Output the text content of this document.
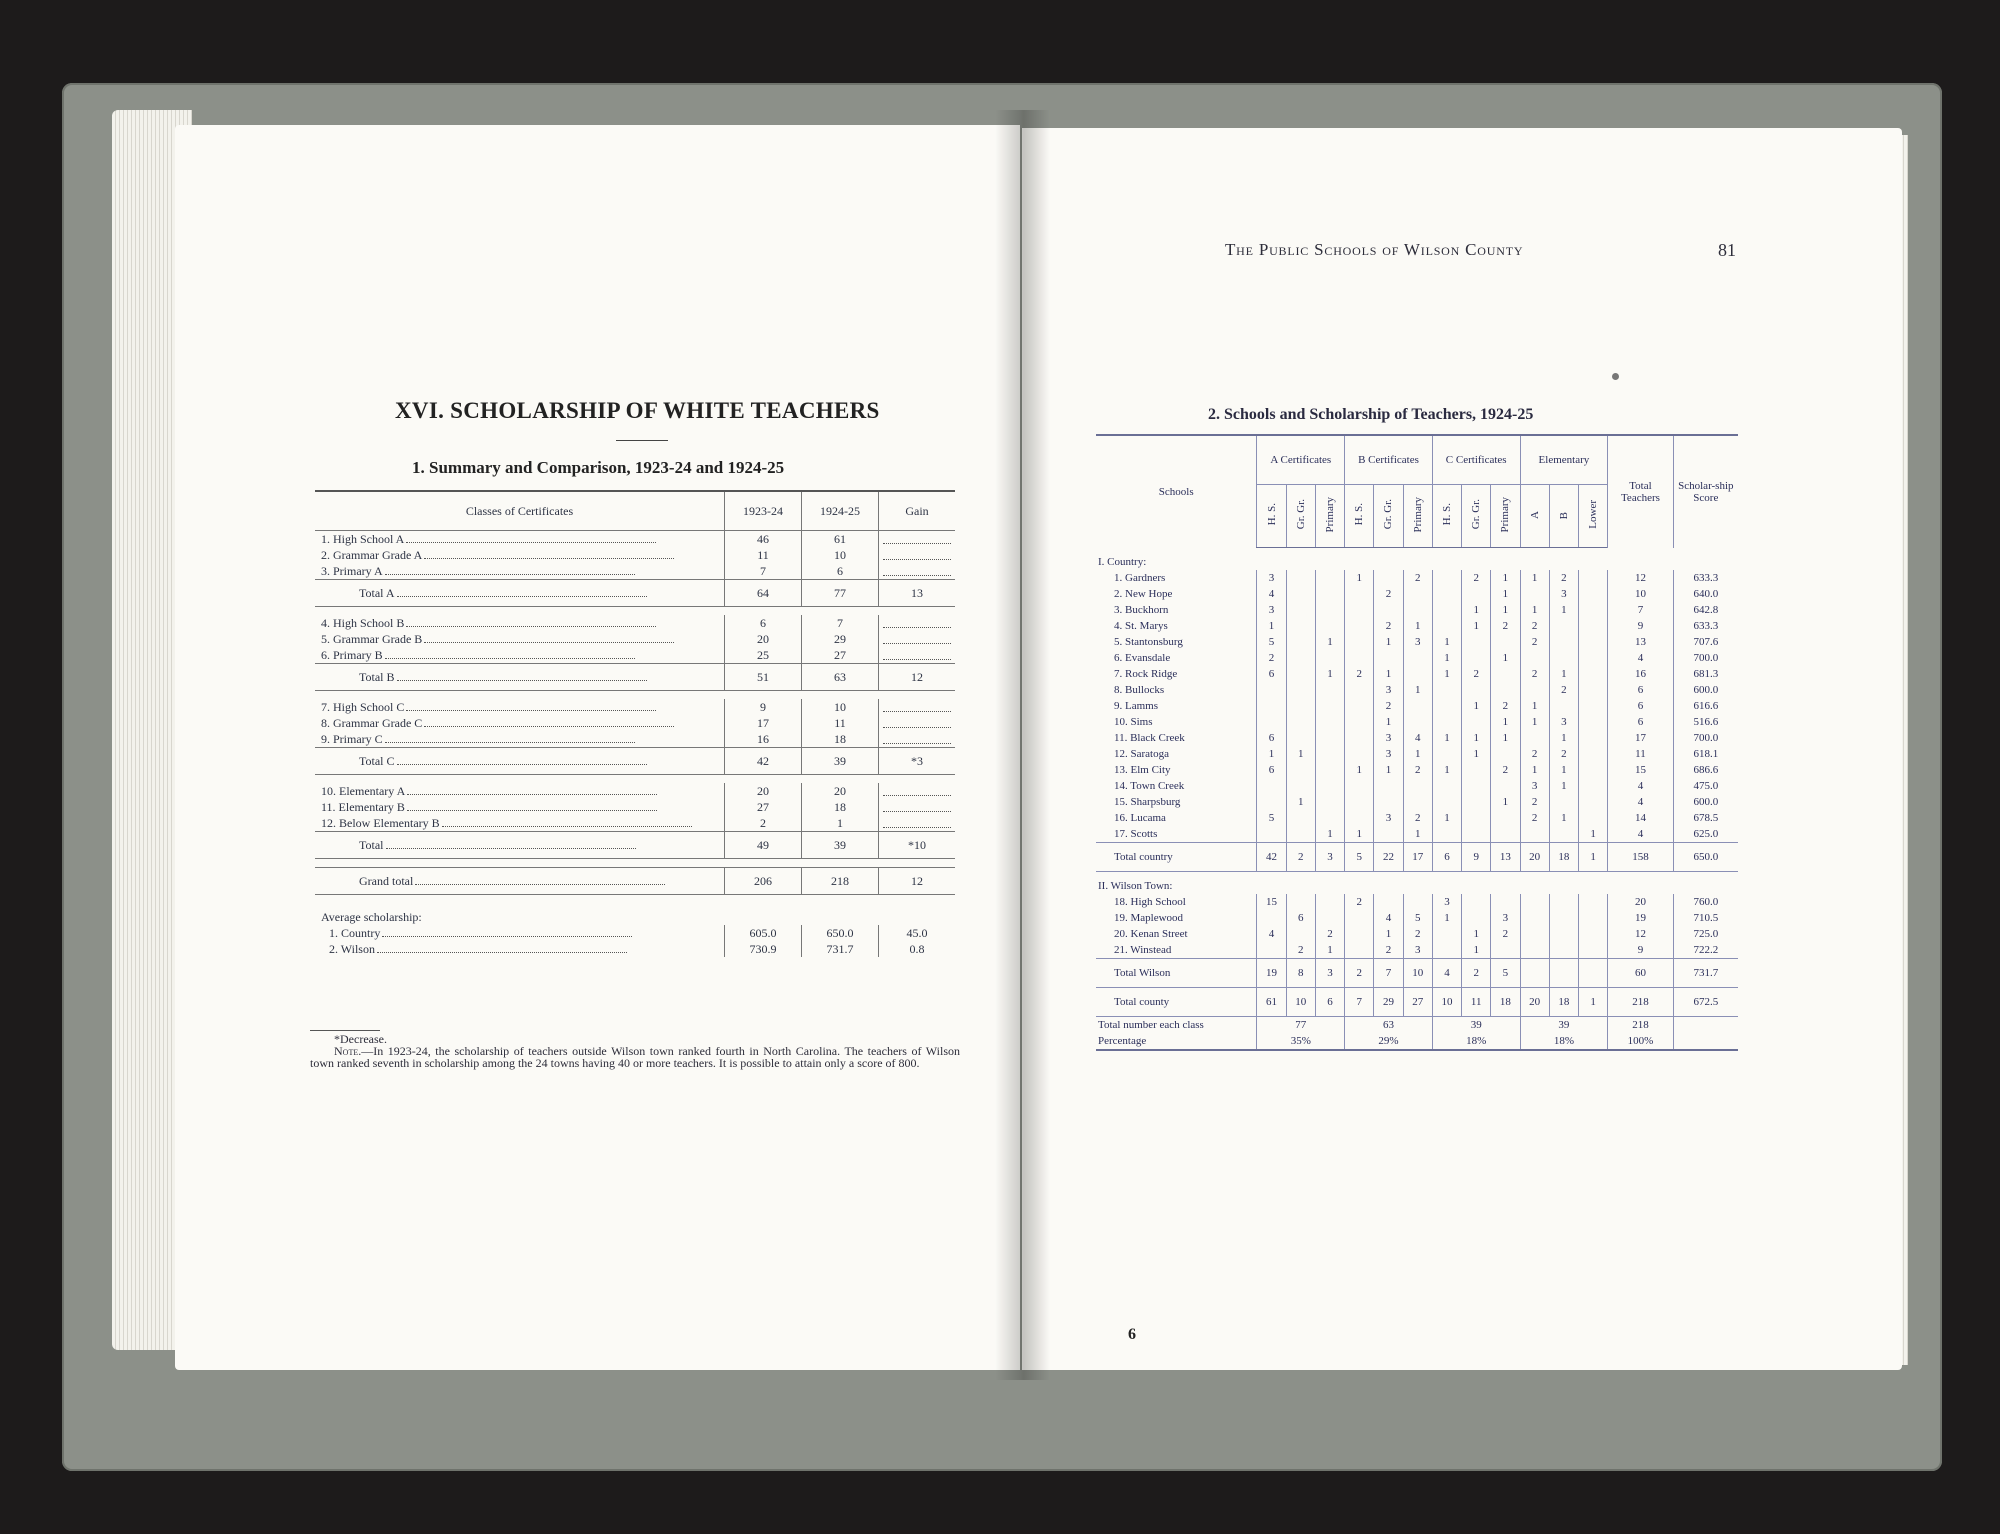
XVI. SCHOLARSHIP OF WHITE TEACHERS
1. Summary and Comparison, 1923-24 and 1924-25
Classes of Certificates	1923-24	1924-25	Gain
1. High School A	46	61	

2. Grammar Grade A	11	10	

3. Primary A	7	6	

Total A	64	77	13

4. High School B	6	7	

5. Grammar Grade B	20	29	

6. Primary B	25	27	

Total B	51	63	12

7. High School C	9	10	

8. Grammar Grade C	17	11	

9. Primary C	16	18	

Total C	42	39	*3

10. Elementary A	20	20	

11. Elementary B	27	18	

12. Below Elementary B	2	1	

Total	49	39	*10

Grand total	206	218	12
Average scholarship:			
1. Country	605.0	650.0	45.0
2. Wilson	730.9	731.7	0.8
*Decrease.
Note.—In 1923-24, the scholarship of teachers outside Wilson town ranked fourth in North Carolina. The teachers of Wilson town ranked seventh in scholarship among the 24 towns having 40 or more teachers. It is possible to attain only a score of 800.
6
The Public Schools of Wilson County	81
2. Schools and Scholarship of Teachers, 1924-25
Schools	A Certificates			B Certificates			C Certificates			Elementary			Total Teachers	Scholar-ship Score
	H. S.	Gr. Gr.	Primary	H. S.	Gr. Gr.	Primary	H. S.	Gr. Gr.	Primary	A	B	Lower		
I. Country:														
1. Gardners	3			1		2		2	1	1	2		12	633.3
2. New Hope	4				2				1		3		10	640.0
3. Buckhorn	3							1	1	1	1		7	642.8
4. St. Marys	1				2	1		1	2	2			9	633.3
5. Stantonsburg	5		1		1	3	1			2			13	707.6
6. Evansdale	2						1		1				4	700.0
7. Rock Ridge	6		1	2	1		1	2		2	1		16	681.3
8. Bullocks					3	1					2		6	600.0
9. Lamms					2			1	2	1			6	616.6
10. Sims					1				1	1	3		6	516.6
11. Black Creek	6				3	4	1	1	1		1		17	700.0
12. Saratoga	1	1			3	1		1		2	2		11	618.1
13. Elm City	6			1	1	2	1		2	1	1		15	686.6
14. Town Creek										3	1		4	475.0
15. Sharpsburg		1							1	2			4	600.0
16. Lucama	5				3	2	1			2	1		14	678.5
17. Scotts			1	1		1						1	4	625.0
Total country	42	2	3	5	22	17	6	9	13	20	18	1	158	650.0
II. Wilson Town:														
18. High School	15			2			3						20	760.0
19. Maplewood		6			4	5	1		3				19	710.5
20. Kenan Street	4		2		1	2		1	2				12	725.0
21. Winstead		2	1		2	3		1					9	722.2
Total Wilson	19	8	3	2	7	10	4	2	5				60	731.7
Total county	61	10	6	7	29	27	10	11	18	20	18	1	218	672.5
Total number each class	77			63			39			39			218	
Percentage	35%			29%			18%			18%			100%	
